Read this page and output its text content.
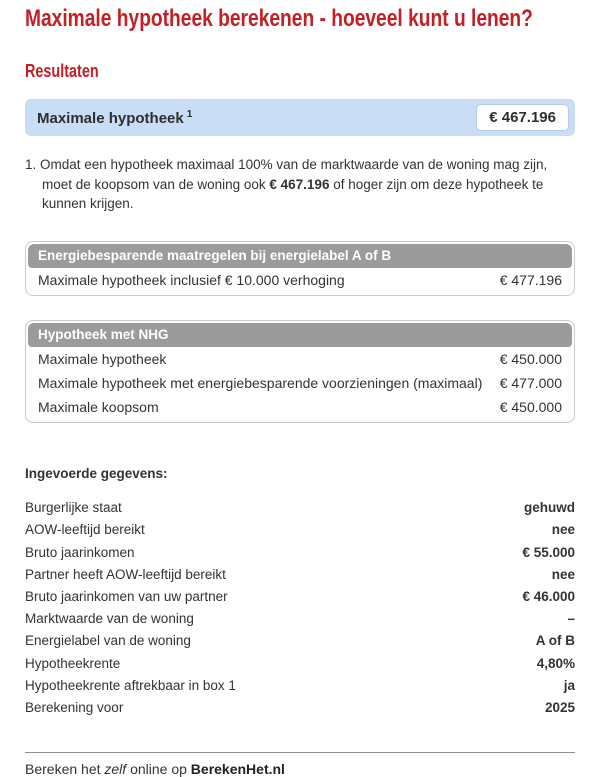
Maximale hypotheek berekenen - hoeveel kunt u lenen?
Resultaten
Maximale hypotheek $^1$	€ 467.196

1. Omdat een hypotheek maximaal 100% van de marktwaarde van de woning mag zijn, moet de koopsom van de woning ook € 467.196 of hoger zijn om deze hypotheek te kunnen krijgen.

Energiebesparende maatregelen bij energielabel A of B
Maximale hypotheek inclusief € 10.000 verhoging	€ 477.196
Hypotheek met NHG
Maximale hypotheek	€ 450.000
Maximale hypotheek met energiebesparende voorzieningen (maximaal)	€ 477.000
Maximale koopsom	€ 450.000
Ingevoerde gegevens:
Burgerlijke staat	gehuwd
AOW-leeftijd bereikt	nee
Bruto jaarinkomen	€ 55.000
Partner heeft AOW-leeftijd bereikt	nee
Bruto jaarinkomen van uw partner	€ 46.000
Marktwaarde van de woning	–
Energielabel van de woning	A of B
Hypotheekrente	4,80%
Hypotheekrente aftrekbaar in box 1	ja
Berekening voor	2025
Bereken het zelf online op BerekenHet.nl
